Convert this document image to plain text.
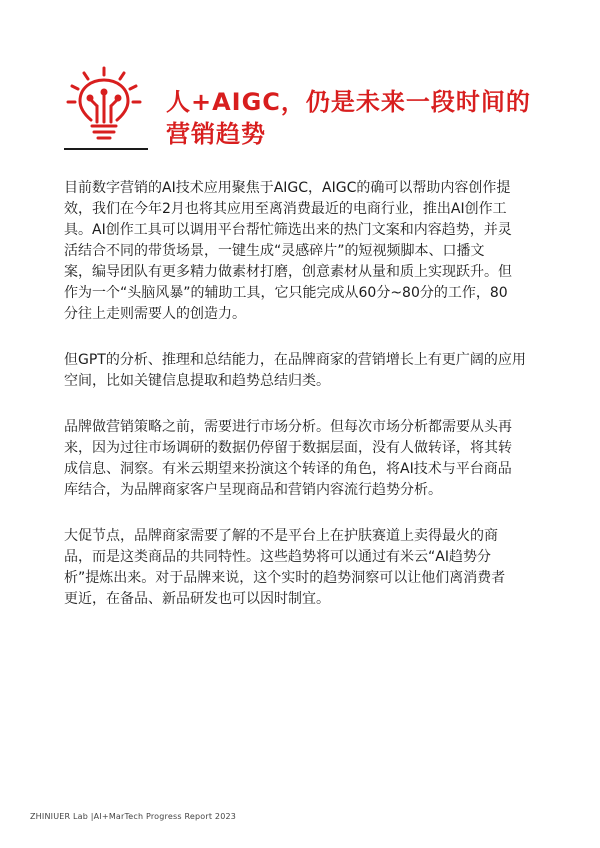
人+AIGC，仍是未来一段时间的
营销趋势

目前数字营销的AI技术应用聚焦于AIGC，AIGC的确可以帮助内容创作提
效，我们在今年2月也将其应用至离消费最近的电商行业，推出AI创作工
具。AI创作工具可以调用平台帮忙筛选出来的热门文案和内容趋势，并灵
活结合不同的带货场景，一键生成“灵感碎片”的短视频脚本、口播文
案，编导团队有更多精力做素材打磨，创意素材从量和质上实现跃升。但
作为一个“头脑风暴”的辅助工具，它只能完成从60分~80分的工作，80
分往上走则需要人的创造力。

但GPT的分析、推理和总结能力，在品牌商家的营销增长上有更广阔的应用
空间，比如关键信息提取和趋势总结归类。

品牌做营销策略之前，需要进行市场分析。但每次市场分析都需要从头再
来，因为过往市场调研的数据仍停留于数据层面，没有人做转译，将其转
成信息、洞察。有米云期望来扮演这个转译的角色，将AI技术与平台商品
库结合，为品牌商家客户呈现商品和营销内容流行趋势分析。

大促节点，品牌商家需要了解的不是平台上在护肤赛道上卖得最火的商
品，而是这类商品的共同特性。这些趋势将可以通过有米云“AI趋势分
析”提炼出来。对于品牌来说，这个实时的趋势洞察可以让他们离消费者
更近，在备品、新品研发也可以因时制宜。

ZHINIUER Lab |AI+MarTech Progress Report 2023
